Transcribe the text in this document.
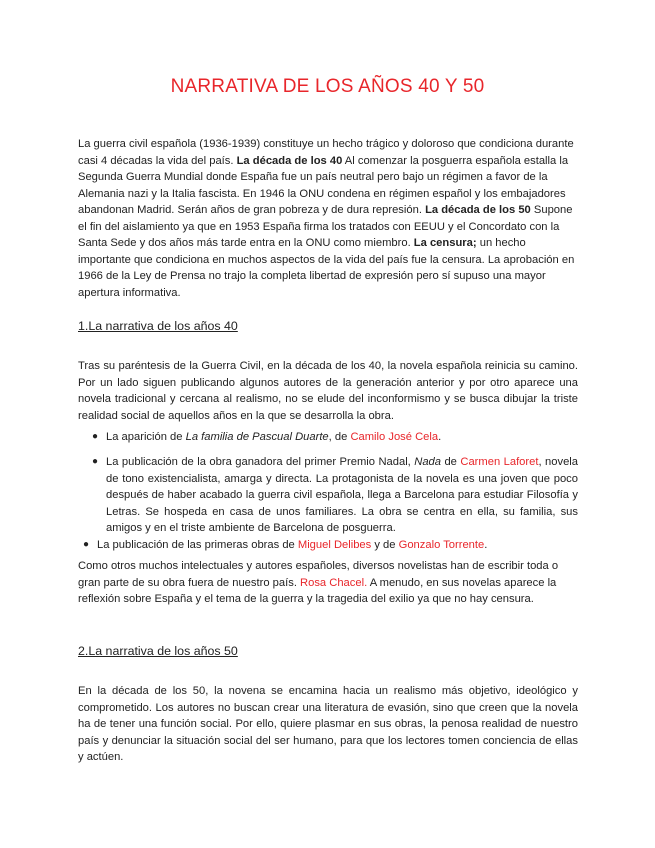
NARRATIVA DE LOS AÑOS 40 Y 50

La guerra civil española (1936-1939) constituye un hecho trágico y doloroso que condiciona durante casi 4 décadas la vida del país. La década de los 40 Al comenzar la posguerra española estalla la Segunda Guerra Mundial donde España fue un país neutral pero bajo un régimen a favor de la Alemania nazi y la Italia fascista. En 1946 la ONU condena en régimen español y los embajadores abandonan Madrid. Serán años de gran pobreza y de dura represión. La década de los 50 Supone el fin del aislamiento ya que en 1953 España firma los tratados con EEUU y el Concordato con la Santa Sede y dos años más tarde entra en la ONU como miembro. La censura; un hecho importante que condiciona en muchos aspectos de la vida del país fue la censura. La aprobación en 1966 de la Ley de Prensa no trajo la completa libertad de expresión pero sí supuso una mayor apertura informativa.

1.La narrativa de los años 40

Tras su paréntesis de la Guerra Civil, en la década de los 40, la novela española reinicia su camino. Por un lado siguen publicando algunos autores de la generación anterior y por otro aparece una novela tradicional y cercana al realismo, no se elude del inconformismo y se busca dibujar la triste realidad social de aquellos años en la que se desarrolla la obra.

● La aparición de La familia de Pascual Duarte, de Camilo José Cela.

● La publicación de la obra ganadora del primer Premio Nadal, Nada de Carmen Laforet, novela de tono existencialista, amarga y directa. La protagonista de la novela es una joven que poco después de haber acabado la guerra civil española, llega a Barcelona para estudiar Filosofía y Letras. Se hospeda en casa de unos familiares. La obra se centra en ella, su familia, sus amigos y en el triste ambiente de Barcelona de posguerra.

● La publicación de las primeras obras de Miguel Delibes y de Gonzalo Torrente.

Como otros muchos intelectuales y autores españoles, diversos novelistas han de escribir toda o gran parte de su obra fuera de nuestro país. Rosa Chacel. A menudo, en sus novelas aparece la reflexión sobre España y el tema de la guerra y la tragedia del exilio ya que no hay censura.

2.La narrativa de los años 50

En la década de los 50, la novena se encamina hacia un realismo más objetivo, ideológico y comprometido. Los autores no buscan crear una literatura de evasión, sino que creen que la novela ha de tener una función social. Por ello, quiere plasmar en sus obras, la penosa realidad de nuestro país y denunciar la situación social del ser humano, para que los lectores tomen conciencia de ellas y actúen.
